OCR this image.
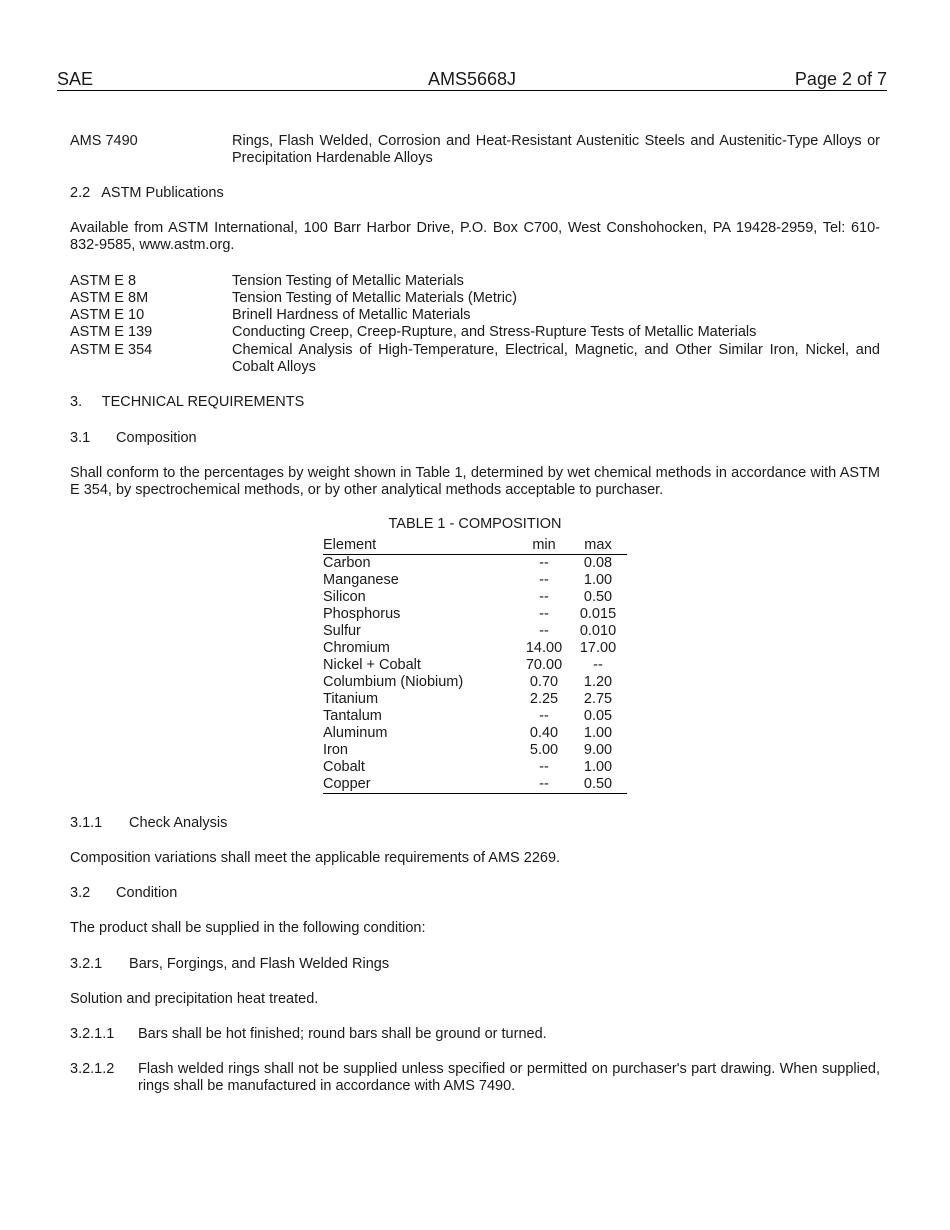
SAE	AMS5668J	Page 2 of 7
AMS 7490	Rings, Flash Welded, Corrosion and Heat-Resistant Austenitic Steels and Austenitic-Type Alloys or Precipitation Hardenable Alloys
2.2 ASTM Publications
Available from ASTM International, 100 Barr Harbor Drive, P.O. Box C700, West Conshohocken, PA 19428-2959, Tel: 610-832-9585, www.astm.org.
ASTM E 8	Tension Testing of Metallic Materials
ASTM E 8M	Tension Testing of Metallic Materials (Metric)
ASTM E 10	Brinell Hardness of Metallic Materials
ASTM E 139	Conducting Creep, Creep-Rupture, and Stress-Rupture Tests of Metallic Materials
ASTM E 354	Chemical Analysis of High-Temperature, Electrical, Magnetic, and Other Similar Iron, Nickel, and Cobalt Alloys
3. TECHNICAL REQUIREMENTS
3.1 Composition
Shall conform to the percentages by weight shown in Table 1, determined by wet chemical methods in accordance with ASTM E 354, by spectrochemical methods, or by other analytical methods acceptable to purchaser.
TABLE 1 - COMPOSITION
Element	min	max
Carbon	--	0.08
Manganese	--	1.00
Silicon	--	0.50
Phosphorus	--	0.015
Sulfur	--	0.010
Chromium	14.00	17.00
Nickel + Cobalt	70.00	--
Columbium (Niobium)	0.70	1.20
Titanium	2.25	2.75
Tantalum	--	0.05
Aluminum	0.40	1.00
Iron	5.00	9.00
Cobalt	--	1.00
Copper	--	0.50
3.1.1 Check Analysis
Composition variations shall meet the applicable requirements of AMS 2269.
3.2 Condition
The product shall be supplied in the following condition:
3.2.1 Bars, Forgings, and Flash Welded Rings
Solution and precipitation heat treated.
3.2.1.1 Bars shall be hot finished; round bars shall be ground or turned.
3.2.1.2 Flash welded rings shall not be supplied unless specified or permitted on purchaser's part drawing. When supplied, rings shall be manufactured in accordance with AMS 7490.
